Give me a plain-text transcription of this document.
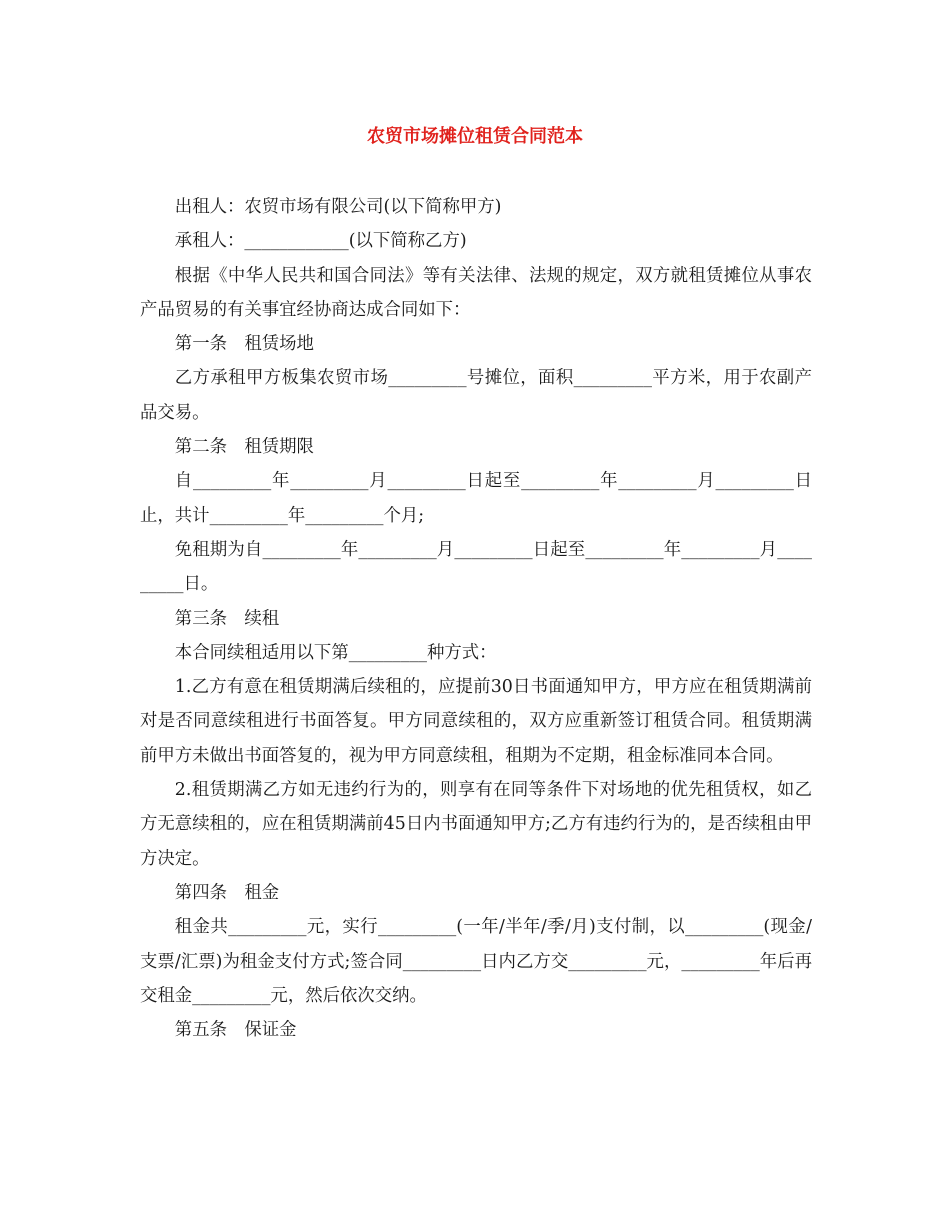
农贸市场摊位租赁合同范本

出租人：农贸市场有限公司(以下简称甲方)

承租人：____________(以下简称乙方)

根据《中华人民共和国合同法》等有关法律、法规的规定，双方就租赁摊位从事农产品贸易的有关事宜经协商达成合同如下：

第一条　租赁场地

乙方承租甲方板集农贸市场_________号摊位，面积_________平方米，用于农副产品交易。

第二条　租赁期限

自_________年_________月_________日起至_________年_________月_________日止，共计_________年_________个月;

免租期为自_________年_________月_________日起至_________年_________月_________日。

第三条　续租

本合同续租适用以下第_________种方式：

1.乙方有意在租赁期满后续租的，应提前30日书面通知甲方，甲方应在租赁期满前对是否同意续租进行书面答复。甲方同意续租的，双方应重新签订租赁合同。租赁期满前甲方未做出书面答复的，视为甲方同意续租，租期为不定期，租金标准同本合同。

2.租赁期满乙方如无违约行为的，则享有在同等条件下对场地的优先租赁权，如乙方无意续租的，应在租赁期满前45日内书面通知甲方;乙方有违约行为的，是否续租由甲方决定。

第四条　租金

租金共_________元，实行_________(一年/半年/季/月)支付制，以_________(现金/支票/汇票)为租金支付方式;签合同_________日内乙方交_________元，_________年后再交租金_________元，然后依次交纳。

第五条　保证金
